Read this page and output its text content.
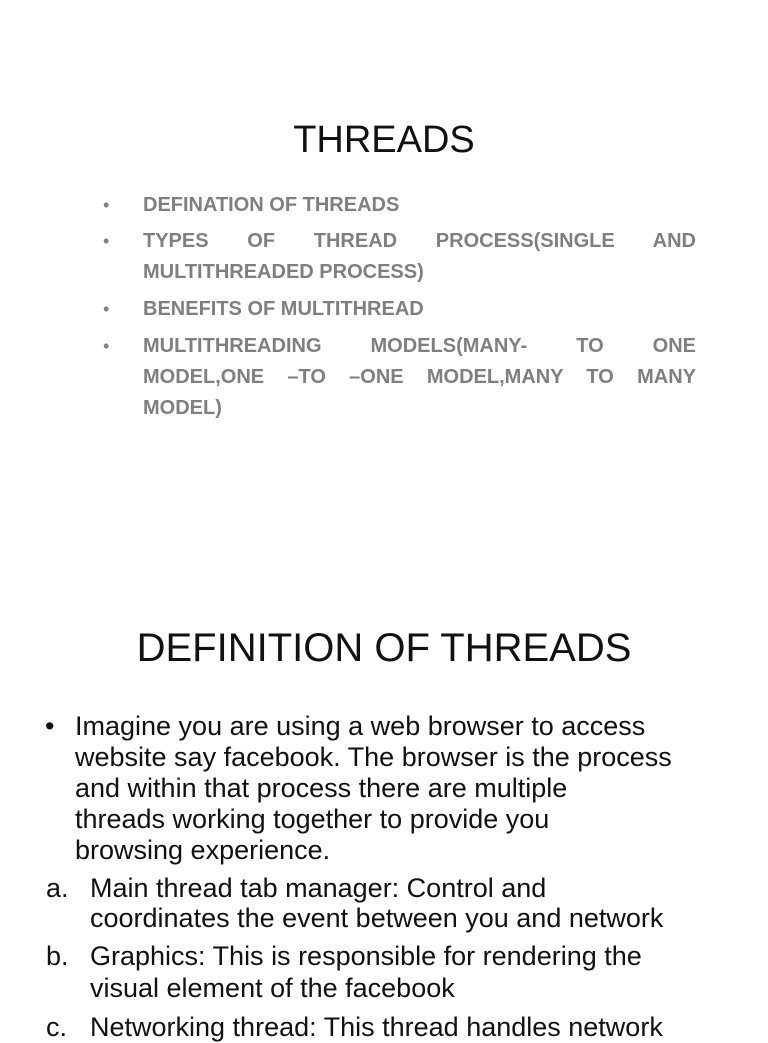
THREADS
• DEFINATION OF THREADS
• TYPES OF THREAD PROCESS(SINGLE AND
MULTITHREADED PROCESS)
• BENEFITS OF MULTITHREAD
• MULTITHREADING MODELS(MANY- TO ONE
MODEL,ONE –TO –ONE MODEL,MANY TO MANY
MODEL)
DEFINITION OF THREADS
• Imagine you are using a web browser to access
website say facebook. The browser is the process
and within that process there are multiple
threads working together to provide you
browsing experience.
a. Main thread tab manager: Control and
coordinates the event between you and network
b. Graphics: This is responsible for rendering the
visual element of the facebook
c. Networking thread: This thread handles network
